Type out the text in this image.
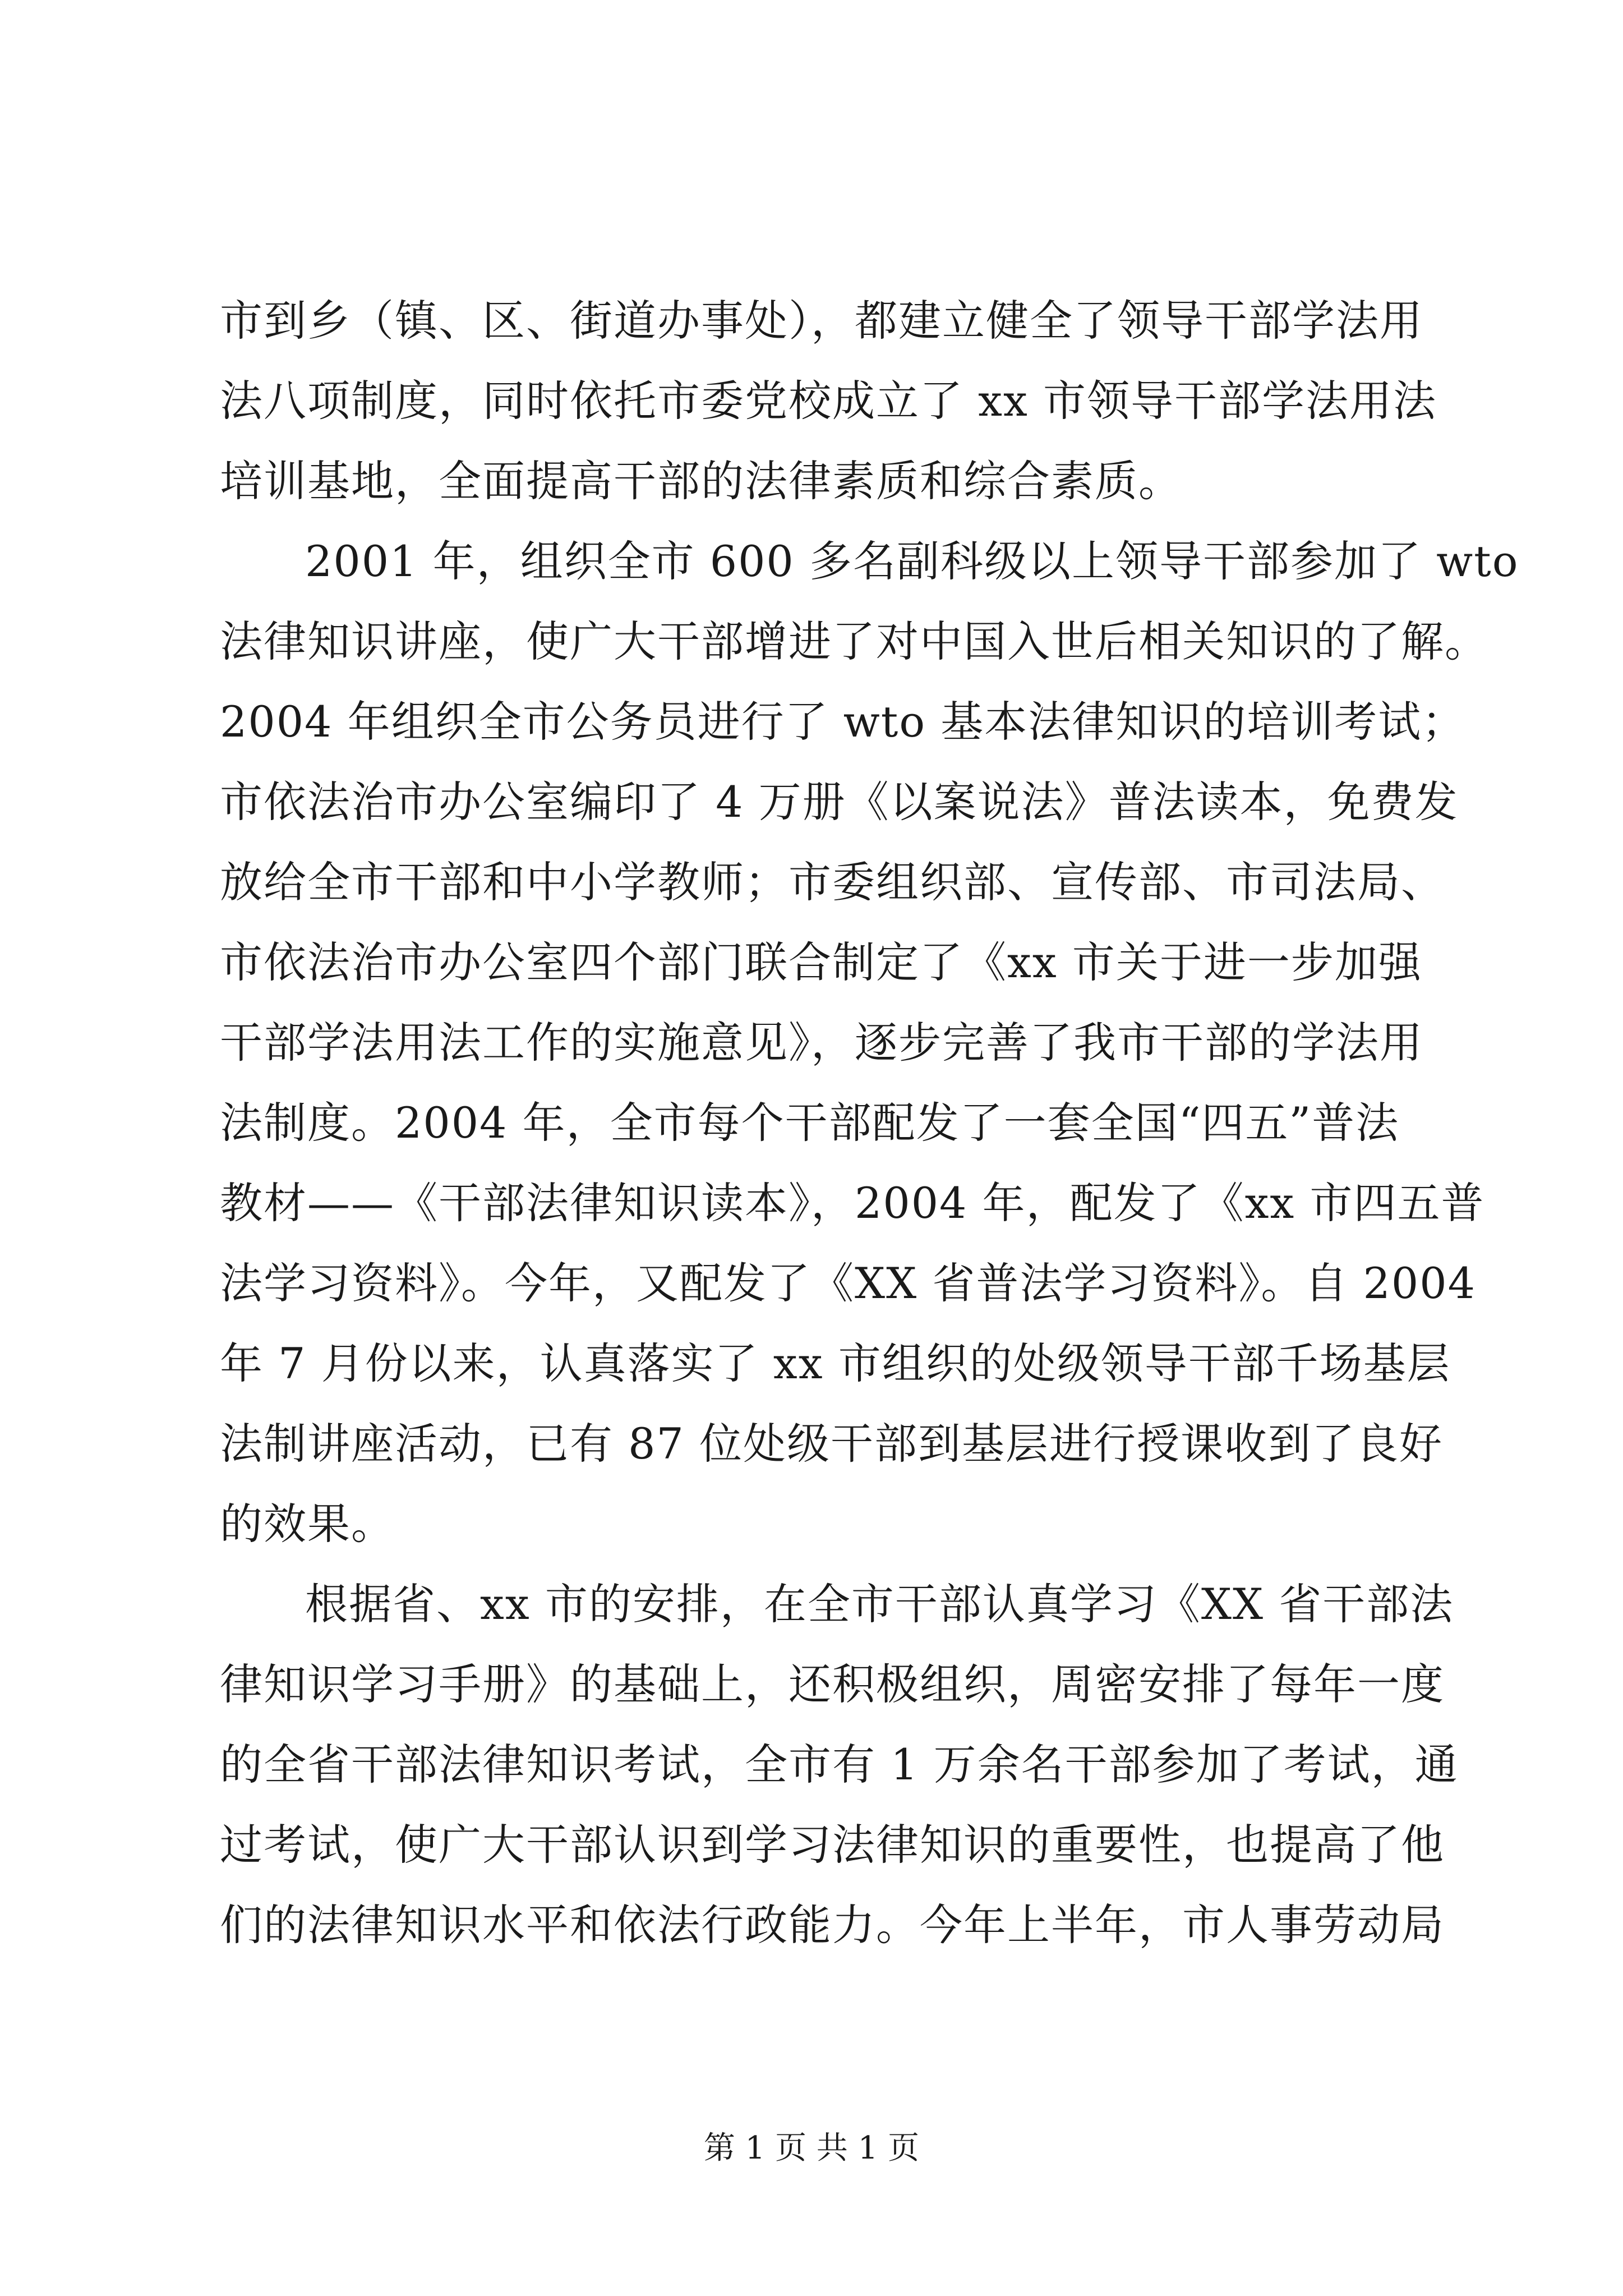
市到乡（镇、区、街道办事处），都建立健全了领导干部学法用
法八项制度，同时依托市委党校成立了 xx 市领导干部学法用法
培训基地，全面提高干部的法律素质和综合素质。
2001 年，组织全市 600 多名副科级以上领导干部参加了 wto
法律知识讲座，使广大干部增进了对中国入世后相关知识的了解。
2004 年组织全市公务员进行了 wto 基本法律知识的培训考试；
市依法治市办公室编印了 4 万册《以案说法》普法读本，免费发
放给全市干部和中小学教师；市委组织部、宣传部、市司法局、
市依法治市办公室四个部门联合制定了《xx 市关于进一步加强
干部学法用法工作的实施意见》，逐步完善了我市干部的学法用
法制度。2004 年，全市每个干部配发了一套全国“四五”普法
教材——《干部法律知识读本》，2004 年，配发了《xx 市四五普
法学习资料》。今年，又配发了《XX 省普法学习资料》。自 2004
年 7 月份以来，认真落实了 xx 市组织的处级领导干部千场基层
法制讲座活动，已有 87 位处级干部到基层进行授课收到了良好
的效果。
根据省、xx 市的安排，在全市干部认真学习《XX 省干部法
律知识学习手册》的基础上，还积极组织，周密安排了每年一度
的全省干部法律知识考试，全市有 1 万余名干部参加了考试，通
过考试，使广大干部认识到学习法律知识的重要性，也提高了他
们的法律知识水平和依法行政能力。今年上半年，市人事劳动局
第 1 页 共 1 页
